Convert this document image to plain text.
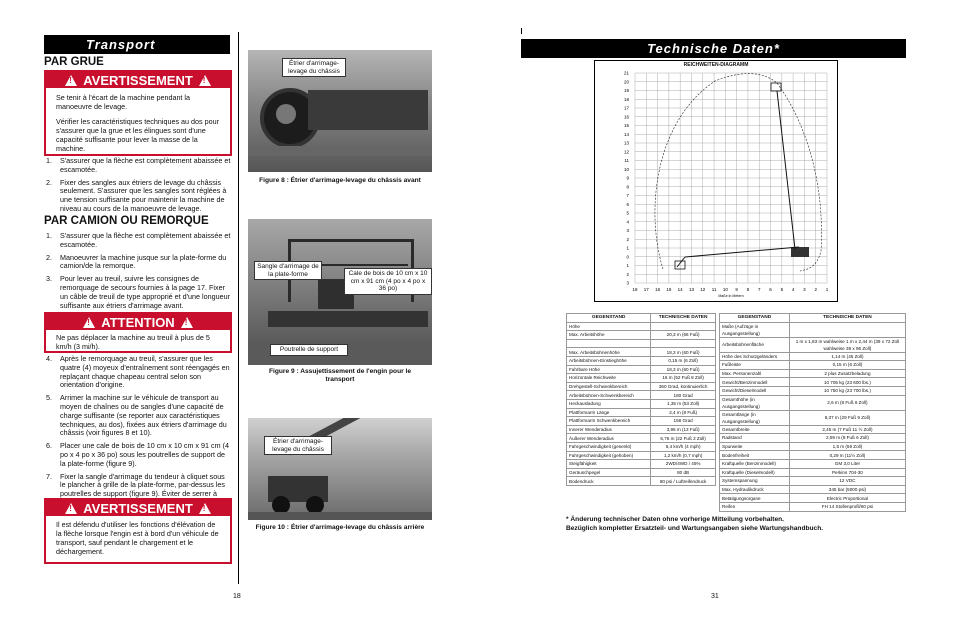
Transport
PAR GRUE
!
AVERTISSEMENT
!

Se tenir à l'écart de la machine pendant la manoeuvre de levage.

Vérifier les caractéristiques techniques au dos pour s'assurer que la grue et les élingues sont d'une capacité suffisante pour lever la masse de la machine.

1. S'assurer que la flèche est complètement abaissée et escamotée.
2. Fixer des sangles aux étriers de levage du châssis seulement. S'assurer que les sangles sont réglées à une tension suffisante pour maintenir la machine de niveau au cours de la manoeuvre de levage.
PAR CAMION OU REMORQUE
1. S'assurer que la flèche est complètement abaissée et escamotée.
2. Manoeuvrer la machine jusque sur la plate-forme du camion/de la remorque.
3. Pour lever au treuil, suivre les consignes de remorquage de secours fournies à la page 17. Fixer un câble de treuil de type approprié et d'une longueur suffisante aux étriers d'arrimage avant.
!
ATTENTION
!
Ne pas déplacer la machine au treuil à plus de 5 km/h (3 mi/h).
4. Après le remorquage au treuil, s'assurer que les quatre (4) moyeux d'entraînement sont réengagés en replaçant chaque chapeau central selon son orientation d'origine.
5. Arrimer la machine sur le véhicule de transport au moyen de chaînes ou de sangles d'une capacité de charge suffisante (se reporter aux caractéristiques techniques, au dos), fixées aux étriers d'arrimage du châssis (voir figures 8 et 10).
6. Placer une cale de bois de 10 cm x 10 cm x 91 cm (4 po x 4 po x 36 po) sous les poutrelles de support de la plate-forme (figure 9).
7. Fixer la sangle d'arrimage du tendeur à cliquet sous le plancher à grille de la plate-forme, par-dessus les poutrelles de support (figure 9). Éviter de serrer à
!
AVERTISSEMENT
!
Il est défendu d'utiliser les fonctions d'élévation de la flèche lorsque l'engin est à bord d'un véhicule de transport, sauf pendant le chargement et le déchargement.
18
Étrier d'arrimage-levage du châssis
Figure 8 : Étrier d'arrimage-levage du châssis avant
Sangle d'arrimage de la plate-forme	Cale de bois de 10 cm x 10 cm x 91 cm (4 po x 4 po x 36 po)
Poutrelle de support
Figure 9 : Assujettissement de l'engin pour le transport
Étrier d'arrimage-levage du châssis
Figure 10 : Étrier d'arrimage-levage du châssis arrière
Technische Daten*
REICHWEITEN-DIAGRAMM
21
20
19
18
17
16
15
14
13
12
11
10
9
8
7
6
5
4
3
2
1
0
1
2
3
18 17 16 15 14 13 12 11 10 9 8 7 6 5 4 3 2 1
Maße in Metern
GEGENSTAND	TECHNISCHE DATEN
Höhe	
Max. Arbeitshöhe	20,3 m (66 Fuß)

Max. Arbeitsbühnenhöhe	18,3 m (60 Fuß)
Arbeitsbühnen-Einstieghöhe	0,15 m (6 Zoll)
Fahrbare Höhe	18,3 m (60 Fuß)
Horizontale Reichweite	16 m (52 Fuß 8 Zoll)
Drehgestell-Schwenkbereich	360 Grad, kontinuierlich
Arbeitsbühnen-Schwenkbereich	180 Grad
Heckausladung	1,35 m (53 Zoll)
Plattformarm Länge	2,4 m (8 Fuß)
Plattformarm Schwenkbereich	158 Grad
Innerer Wenderadius	3,96 m (13 Fuß)
Äußerer Wenderadius	6,76 m (22 Fuß 2 Zoll)
Fahrgeschwindigkeit (gesenkt)	6,4 km/h (4 mph)
Fahrgeschwindigkeit (gehoben)	1,2 km/h (0,7 mph)
Steigfähigkeit	2WD/4WD / 45%
Geräuschpegel	80 dB
Bodendruck	80 psi / Luftreifendruck
GEGENSTAND	TECHNISCHE DATEN
Maße (Aufzüge in Ausgangsstellung)	
Arbeitsbühnenfläche	1 m x 1,83 m wahlweise 1 m x 2,44 m (39 x 72 Zoll wahlweise 39 x 96 Zoll)
Höhe des Schutzgeländers	1,14 m (45 Zoll)
Fußleiste	0,15 m (6 Zoll)
Max. Personenzahl	2 plus Zusatzbeladung
Gewicht/Benzinmodell	10 705 kg (23 600 lbs.)
Gewicht/Dieselmodell	10 750 kg (23 700 lbs.)
Gesamthöhe (in Ausgangsstellung)	2,6 m (8 Fuß 6 Zoll)
Gesamtlänge (in Ausgangsstellung)	8,37 m (29 Fuß 9 Zoll)
Gesamtbreite	2,45 m (7 Fuß 11 ½ Zoll)
Radstand	2,59 m (8 Fuß 6 Zoll)
Spurweite	1,5 m (59 Zoll)
Bodenfreiheit	0,29 m (11½ Zoll)
Kraftquelle (Benzinmodell)	GM 3,0 Liter
Kraftquelle (Dieselmodell)	Perkins 704-30
Systemspannung	12 VDC
Max. Hydraulikdruck	345 bar (5000 psi)
Betätigungsorgane	Electric Proportional
Reifen	FH 14 Stollenprofil/60 psi
* Änderung technischer Daten ohne vorherige Mitteilung vorbehalten.
Bezüglich kompletter Ersatzteil- und Wartungsangaben siehe Wartungshandbuch.
31
